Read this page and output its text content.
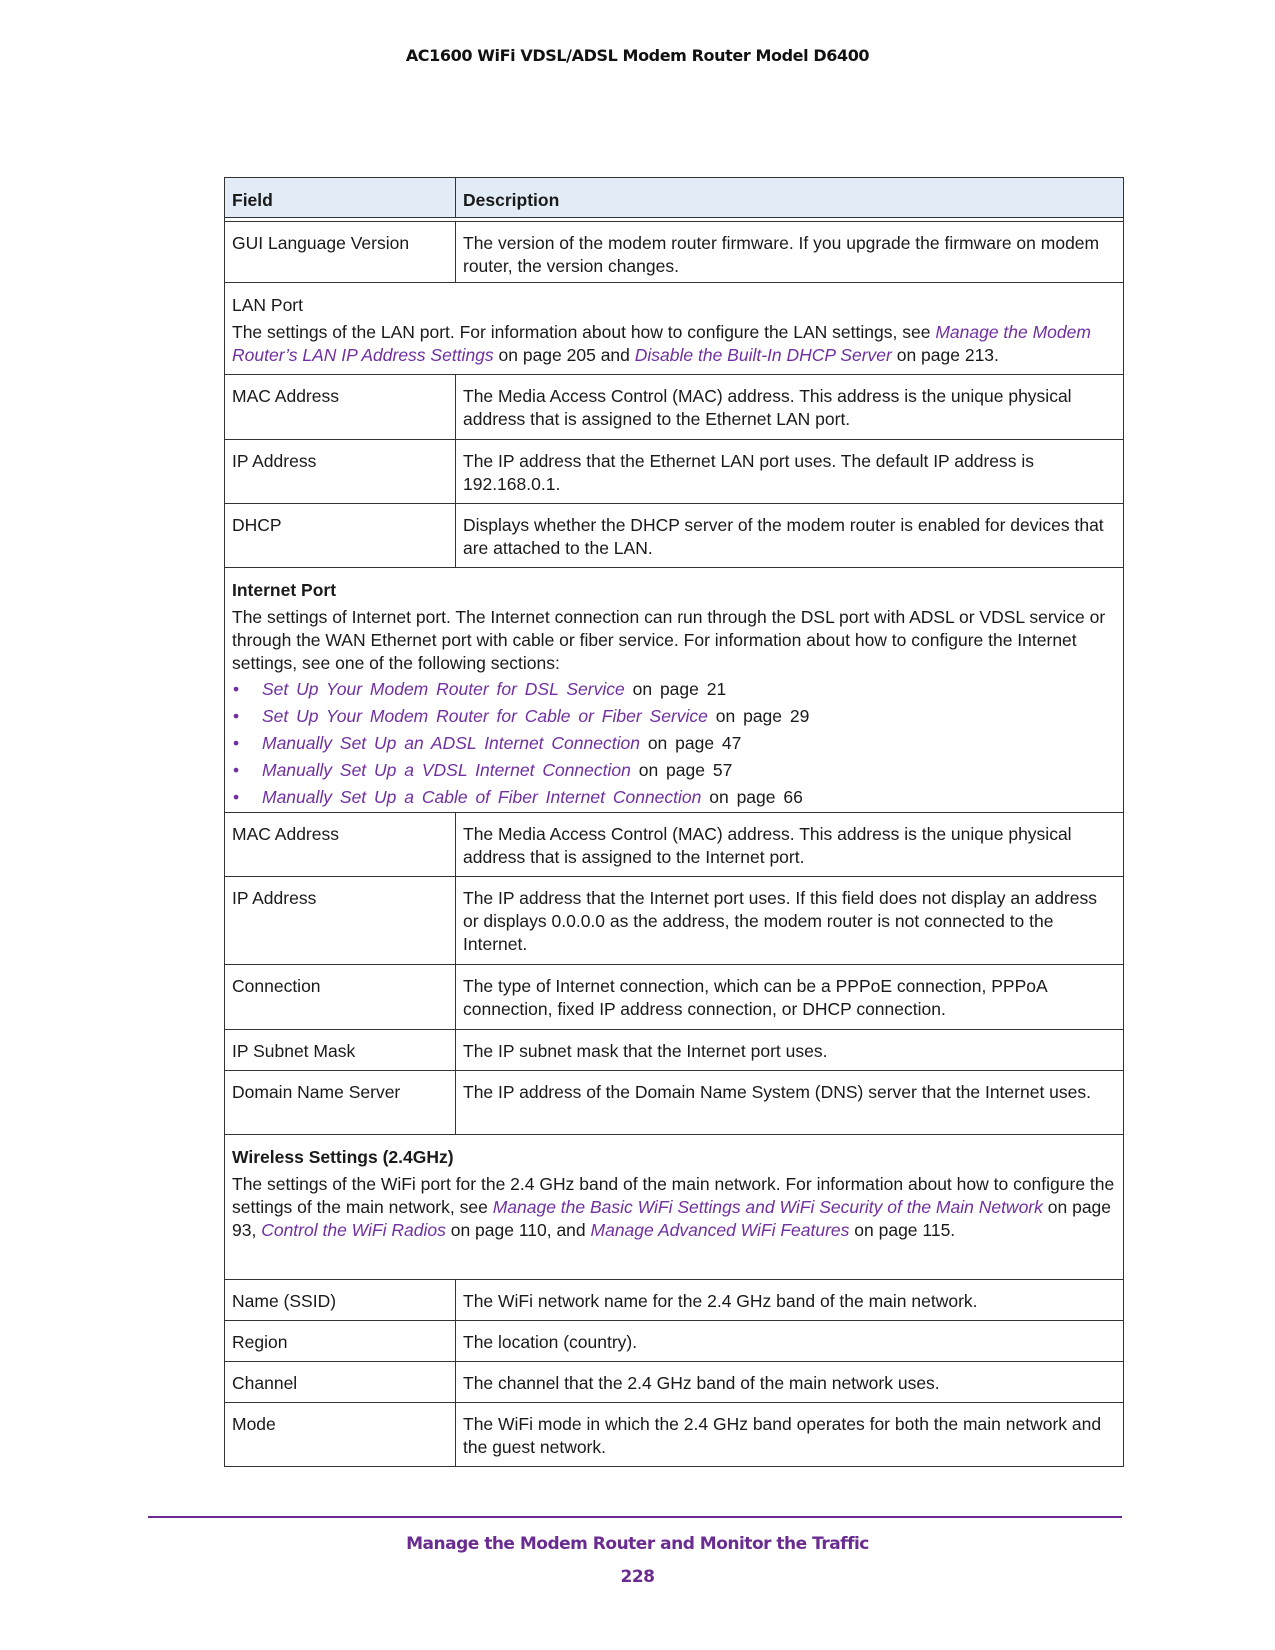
AC1600 WiFi VDSL/ADSL Modem Router Model D6400
Field	Description
GUI Language Version	The version of the modem router firmware. If you upgrade the firmware on modem router, the version changes.
LAN Port
The settings of the LAN port. For information about how to configure the LAN settings, see Manage the Modem Router’s LAN IP Address Settings on page 205 and Disable the Built-In DHCP Server on page 213.
MAC Address	The Media Access Control (MAC) address. This address is the unique physical address that is assigned to the Ethernet LAN port.
IP Address	The IP address that the Ethernet LAN port uses. The default IP address is 192.168.0.1.
DHCP	Displays whether the DHCP server of the modem router is enabled for devices that are attached to the LAN.
Internet Port
The settings of Internet port. The Internet connection can run through the DSL port with ADSL or VDSL service or through the WAN Ethernet port with cable or fiber service. For information about how to configure the Internet settings, see one of the following sections:
• Set Up Your Modem Router for DSL Service on page 21
• Set Up Your Modem Router for Cable or Fiber Service on page 29
• Manually Set Up an ADSL Internet Connection on page 47
• Manually Set Up a VDSL Internet Connection on page 57
• Manually Set Up a Cable of Fiber Internet Connection on page 66
MAC Address	The Media Access Control (MAC) address. This address is the unique physical address that is assigned to the Internet port.
IP Address	The IP address that the Internet port uses. If this field does not display an address or displays 0.0.0.0 as the address, the modem router is not connected to the Internet.
Connection	The type of Internet connection, which can be a PPPoE connection, PPPoA connection, fixed IP address connection, or DHCP connection.
IP Subnet Mask	The IP subnet mask that the Internet port uses.
Domain Name Server	The IP address of the Domain Name System (DNS) server that the Internet uses.
Wireless Settings (2.4GHz)
The settings of the WiFi port for the 2.4 GHz band of the main network. For information about how to configure the settings of the main network, see Manage the Basic WiFi Settings and WiFi Security of the Main Network on page 93, Control the WiFi Radios on page 110, and Manage Advanced WiFi Features on page 115.
Name (SSID)	The WiFi network name for the 2.4 GHz band of the main network.
Region	The location (country).
Channel	The channel that the 2.4 GHz band of the main network uses.
Mode	The WiFi mode in which the 2.4 GHz band operates for both the main network and the guest network.
Manage the Modem Router and Monitor the Traffic
228
